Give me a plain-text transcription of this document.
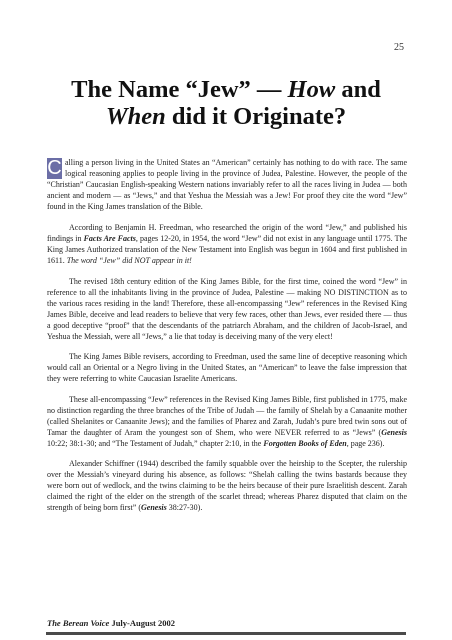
25
The Name “Jew” — How and
When did it Originate?

C alling a person living in the United States an “American” certainly has nothing to do with race. The same logical reasoning applies to people living in the province of Judea, Palestine. However, the people of the “Christian” Caucasian English-speaking Western nations invariably refer to all the races living in Judea — both ancient and modern — as “Jews,” and that Yeshua the Messiah was a Jew! For proof they cite the word “Jew” found in the King James translation of the Bible.

According to Benjamin H. Freedman, who researched the origin of the word “Jew,” and published his findings in Facts Are Facts, pages 12-20, in 1954, the word “Jew” did not exist in any language until 1775. The King James Authorized translation of the New Testament into English was begun in 1604 and first published in 1611. The word “Jew” did NOT appear in it!

The revised 18th century edition of the King James Bible, for the first time, coined the word “Jew” in reference to all the inhabitants living in the province of Judea, Palestine — making NO DISTINCTION as to the various races residing in the land! Therefore, these all-encompassing “Jew” references in the Revised King James Bible, deceive and lead readers to believe that very few races, other than Jews, ever resided there — thus a good deceptive “proof” that the descendants of the patriarch Abraham, and the children of Jacob-Israel, and Yeshua the Messiah, were all “Jews,” a lie that today is deceiving many of the very elect!

The King James Bible revisers, according to Freedman, used the same line of deceptive reasoning which would call an Oriental or a Negro living in the United States, an “American” to leave the false impression that they were referring to white Caucasian Israelite Americans.

These all-encompassing “Jew” references in the Revised King James Bible, first published in 1775, make no distinction regarding the three branches of the Tribe of Judah — the family of Shelah by a Canaanite mother (called Shelanites or Canaanite Jews); and the families of Pharez and Zarah, Judah’s pure bred twin sons out of Tamar the daughter of Aram the youngest son of Shem, who were NEVER referred to as “Jews” (Genesis 10:22; 38:1-30; and “The Testament of Judah,” chapter 2:10, in the Forgotten Books of Eden, page 236).

Alexander Schiffner (1944) described the family squabble over the heirship to the Scepter, the rulership over the Messiah’s vineyard during his absence, as follows: “Shelah calling the twins bastards because they were born out of wedlock, and the twins claiming to be the heirs because of their pure Israelitish descent. Zarah claimed the right of the elder on the strength of the scarlet thread; whereas Pharez disputed that claim on the strength of being born first” (Genesis 38:27-30).

The Berean Voice July-August 2002
